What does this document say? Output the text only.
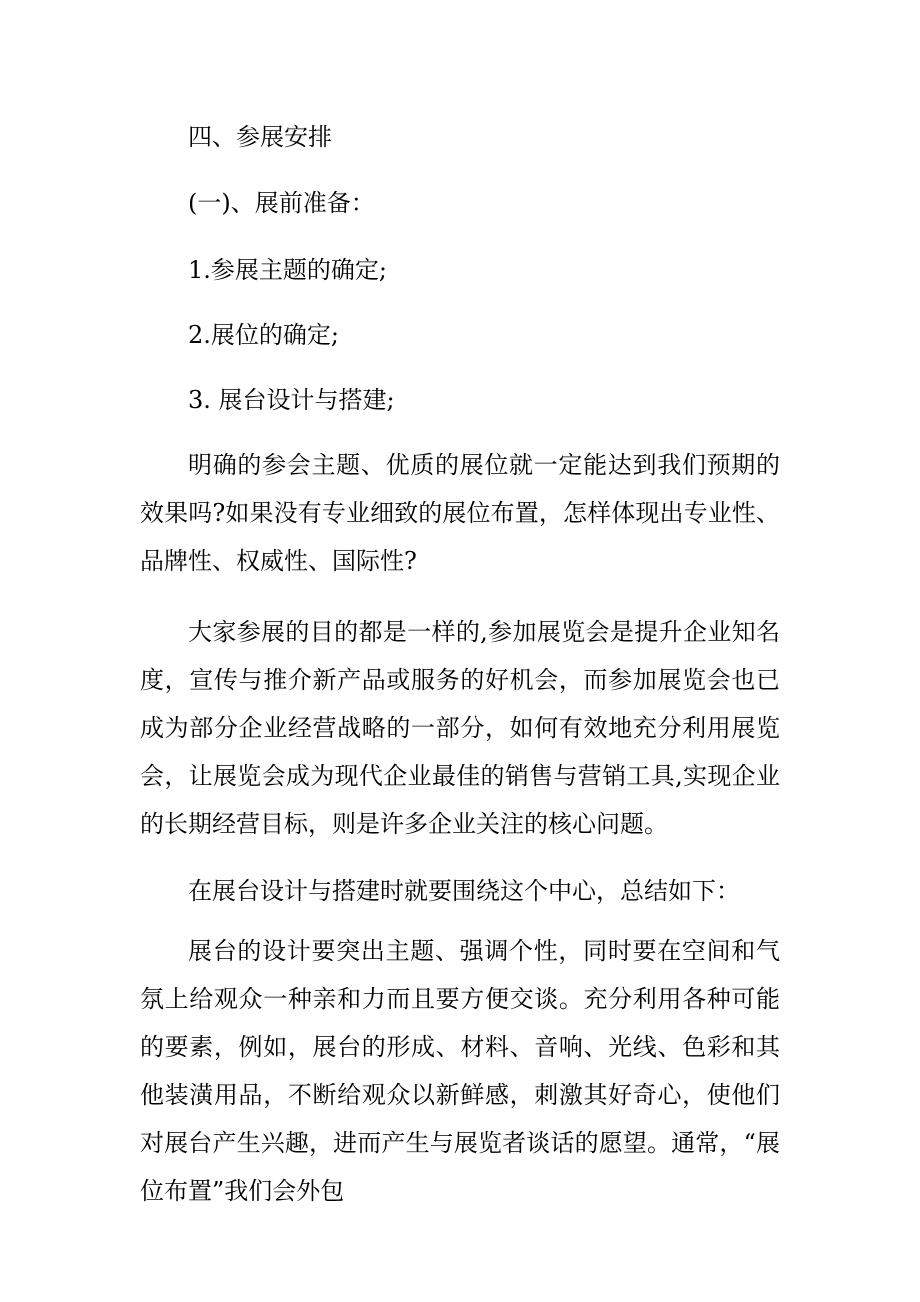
四、参展安排
(一)、展前准备：
1.参展主题的确定;
2.展位的确定;
3. 展台设计与搭建;

明确的参会主题、优质的展位就一定能达到我们预期的效果吗?如果没有专业细致的展位布置，怎样体现出专业性、品牌性、权威性、国际性?

大家参展的目的都是一样的,参加展览会是提升企业知名度，宣传与推介新产品或服务的好机会，而参加展览会也已成为部分企业经营战略的一部分，如何有效地充分利用展览会，让展览会成为现代企业最佳的销售与营销工具,实现企业的长期经营目标，则是许多企业关注的核心问题。

在展台设计与搭建时就要围绕这个中心，总结如下：

展台的设计要突出主题、强调个性，同时要在空间和气氛上给观众一种亲和力而且要方便交谈。充分利用各种可能的要素，例如，展台的形成、材料、音响、光线、色彩和其他装潢用品，不断给观众以新鲜感，刺激其好奇心，使他们对展台产生兴趣，进而产生与展览者谈话的愿望。通常，“展位布置”我们会外包
